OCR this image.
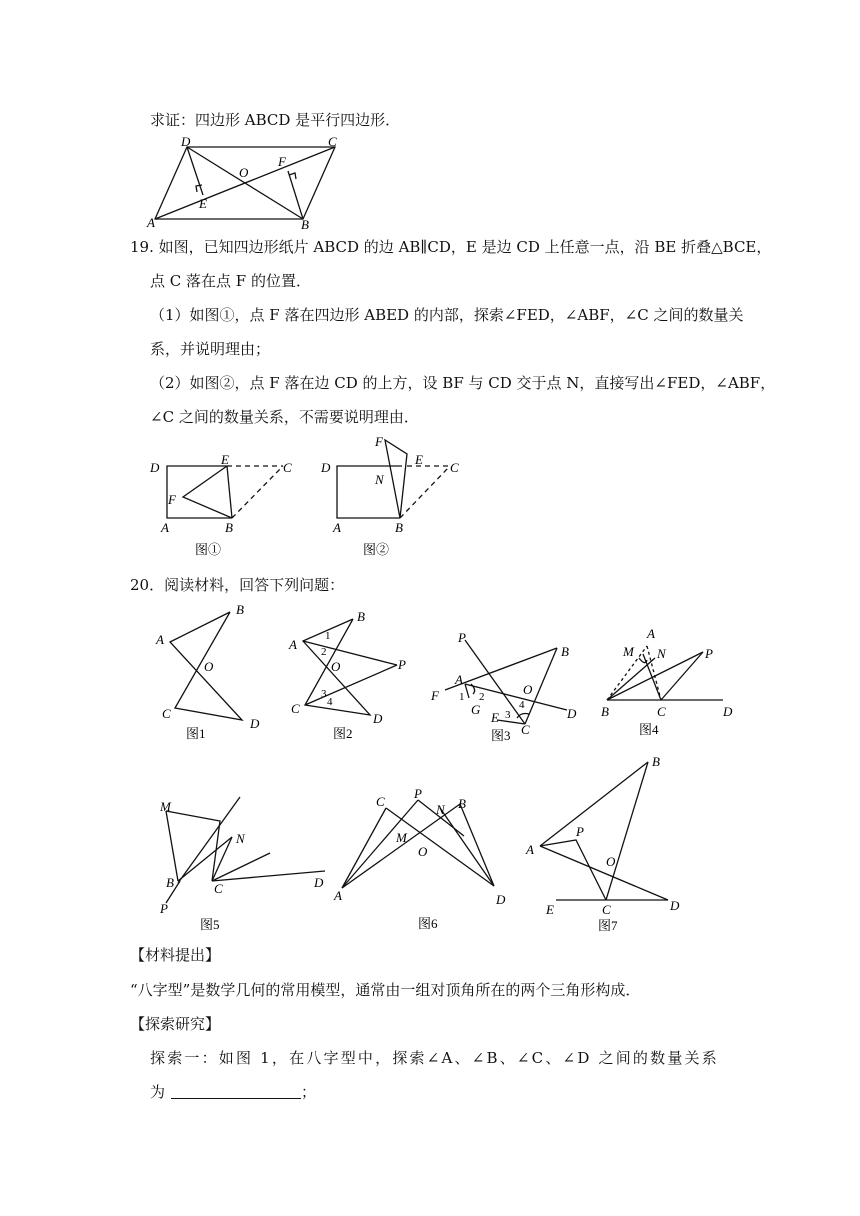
求证：四边形 ABCD 是平行四边形．
A
D	C
B
E
F
O
19. 如图，已知四边形纸片 ABCD 的边 AB∥CD，E 是边 CD 上任意一点，沿 BE 折叠△BCE，
点 C 落在点 F 的位置．
（1）如图①，点 F 落在四边形 ABED 的内部，探索∠FED，∠ABF，∠C 之间的数量关
系，并说明理由；
（2）如图②，点 F 落在边 CD 的上方，设 BF 与 CD 交于点 N，直接写出∠FED，∠ABF，
∠C 之间的数量关系，不需要说明理由．
D
E
C
F
A	B
图①
F
E
C
D
N
A	B
图②
20．阅读材料，回答下列问题：
B
A
O
C
D
图1
B
A
1
2
O	P
3
4
C
D
图2
P
B
A
F 1 2
G
O
4
3
E
C
D
图3
A
M N	P
B	C	D
图4
M
N
B	C	D
P
图5
C
P
N B
M
O
A	D
图6
B
P
A
O
E	C	D
图7
【材料提出】
“八字型”是数学几何的常用模型，通常由一组对顶角所在的两个三角形构成．
【探索研究】
探索一：如图 1，在八字型中，探索∠A、∠B、∠C、∠D 之间的数量关系
为	；
